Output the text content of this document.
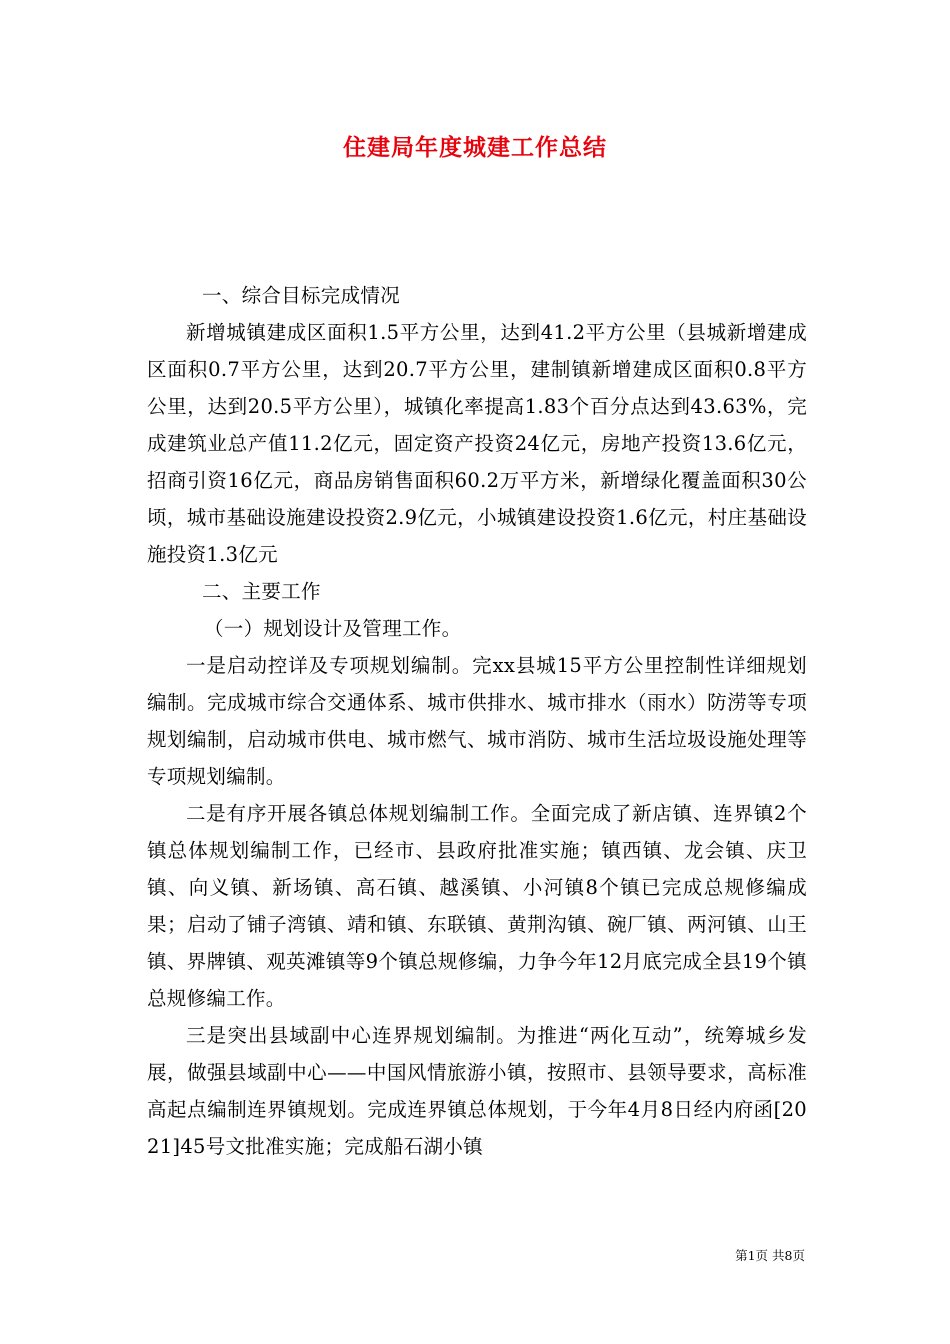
住建局年度城建工作总结

一、综合目标完成情况

新增城镇建成区面积1.5平方公里，达到41.2平方公里（县城新增建成区面积0.7平方公里，达到20.7平方公里，建制镇新增建成区面积0.8平方公里，达到20.5平方公里），城镇化率提高1.83个百分点达到43.63%，完成建筑业总产值11.2亿元，固定资产投资24亿元，房地产投资13.6亿元，招商引资16亿元，商品房销售面积60.2万平方米，新增绿化覆盖面积30公顷，城市基础设施建设投资2.9亿元，小城镇建设投资1.6亿元，村庄基础设施投资1.3亿元

二、主要工作

（一）规划设计及管理工作。

一是启动控详及专项规划编制。完xx县城15平方公里控制性详细规划编制。完成城市综合交通体系、城市供排水、城市排水（雨水）防涝等专项规划编制，启动城市供电、城市燃气、城市消防、城市生活垃圾设施处理等专项规划编制。

二是有序开展各镇总体规划编制工作。全面完成了新店镇、连界镇2个镇总体规划编制工作，已经市、县政府批准实施；镇西镇、龙会镇、庆卫镇、向义镇、新场镇、高石镇、越溪镇、小河镇8个镇已完成总规修编成果；启动了铺子湾镇、靖和镇、东联镇、黄荆沟镇、碗厂镇、两河镇、山王镇、界牌镇、观英滩镇等9个镇总规修编，力争今年12月底完成全县19个镇总规修编工作。

三是突出县域副中心连界规划编制。为推进“两化互动”，统筹城乡发展，做强县域副中心——中国风情旅游小镇，按照市、县领导要求，高标准高起点编制连界镇规划。完成连界镇总体规划，于今年4月8日经内府函[2021]45号文批准实施；完成船石湖小镇

第1页 共8页
